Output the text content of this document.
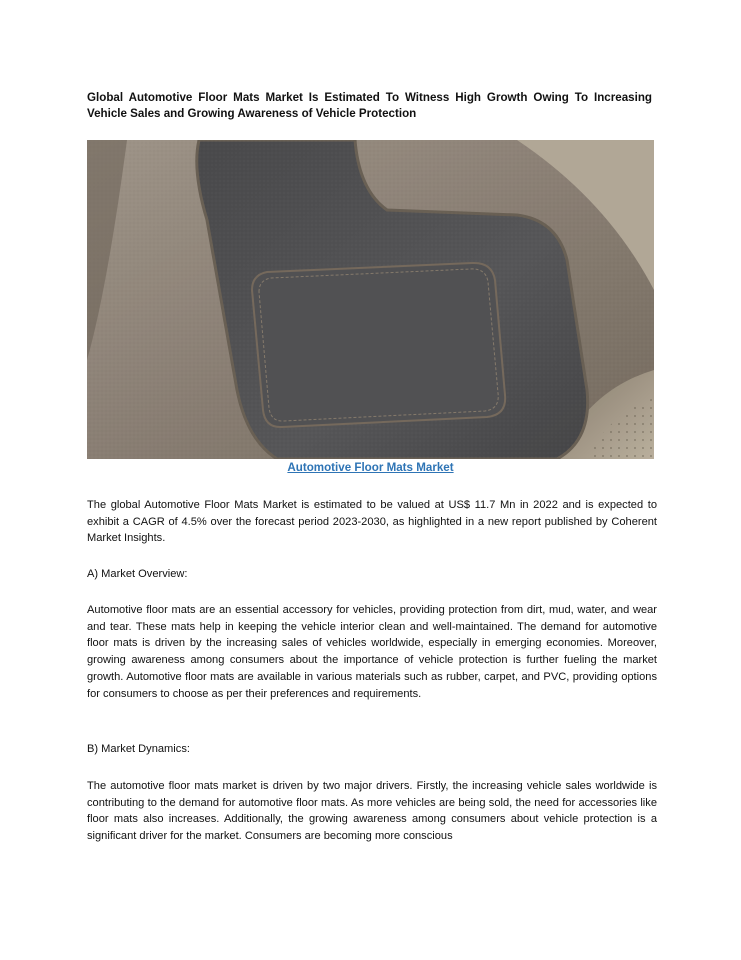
Global Automotive Floor Mats Market Is Estimated To Witness High Growth Owing To Increasing Vehicle Sales and Growing Awareness of Vehicle Protection
Automotive Floor Mats Market

The global Automotive Floor Mats Market is estimated to be valued at US$ 11.7 Mn in 2022 and is expected to exhibit a CAGR of 4.5% over the forecast period 2023-2030, as highlighted in a new report published by Coherent Market Insights.

A) Market Overview:

Automotive floor mats are an essential accessory for vehicles, providing protection from dirt, mud, water, and wear and tear. These mats help in keeping the vehicle interior clean and well-maintained. The demand for automotive floor mats is driven by the increasing sales of vehicles worldwide, especially in emerging economies. Moreover, growing awareness among consumers about the importance of vehicle protection is further fueling the market growth. Automotive floor mats are available in various materials such as rubber, carpet, and PVC, providing options for consumers to choose as per their preferences and requirements.

B) Market Dynamics:

The automotive floor mats market is driven by two major drivers. Firstly, the increasing vehicle sales worldwide is contributing to the demand for automotive floor mats. As more vehicles are being sold, the need for accessories like floor mats also increases. Additionally, the growing awareness among consumers about vehicle protection is a significant driver for the market. Consumers are becoming more conscious
